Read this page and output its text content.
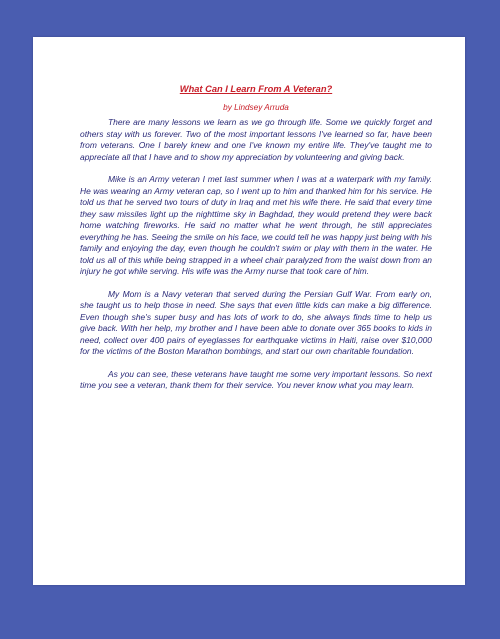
What Can I Learn From A Veteran?

by Lindsey Arruda

There are many lessons we learn as we go through life. Some we quickly forget and others stay with us forever. Two of the most important lessons I've learned so far, have been from veterans. One I barely knew and one I've known my entire life. They've taught me to appreciate all that I have and to show my appreciation by volunteering and giving back.

Mike is an Army veteran I met last summer when I was at a waterpark with my family. He was wearing an Army veteran cap, so I went up to him and thanked him for his service. He told us that he served two tours of duty in Iraq and met his wife there. He said that every time they saw missiles light up the nighttime sky in Baghdad, they would pretend they were back home watching fireworks. He said no matter what he went through, he still appreciates everything he has. Seeing the smile on his face, we could tell he was happy just being with his family and enjoying the day, even though he couldn't swim or play with them in the water. He told us all of this while being strapped in a wheel chair paralyzed from the waist down from an injury he got while serving. His wife was the Army nurse that took care of him.

My Mom is a Navy veteran that served during the Persian Gulf War. From early on, she taught us to help those in need. She says that even little kids can make a big difference. Even though she's super busy and has lots of work to do, she always finds time to help us give back. With her help, my brother and I have been able to donate over 365 books to kids in need, collect over 400 pairs of eyeglasses for earthquake victims in Haiti, raise over $10,000 for the victims of the Boston Marathon bombings, and start our own charitable foundation.

As you can see, these veterans have taught me some very important lessons. So next time you see a veteran, thank them for their service. You never know what you may learn.
